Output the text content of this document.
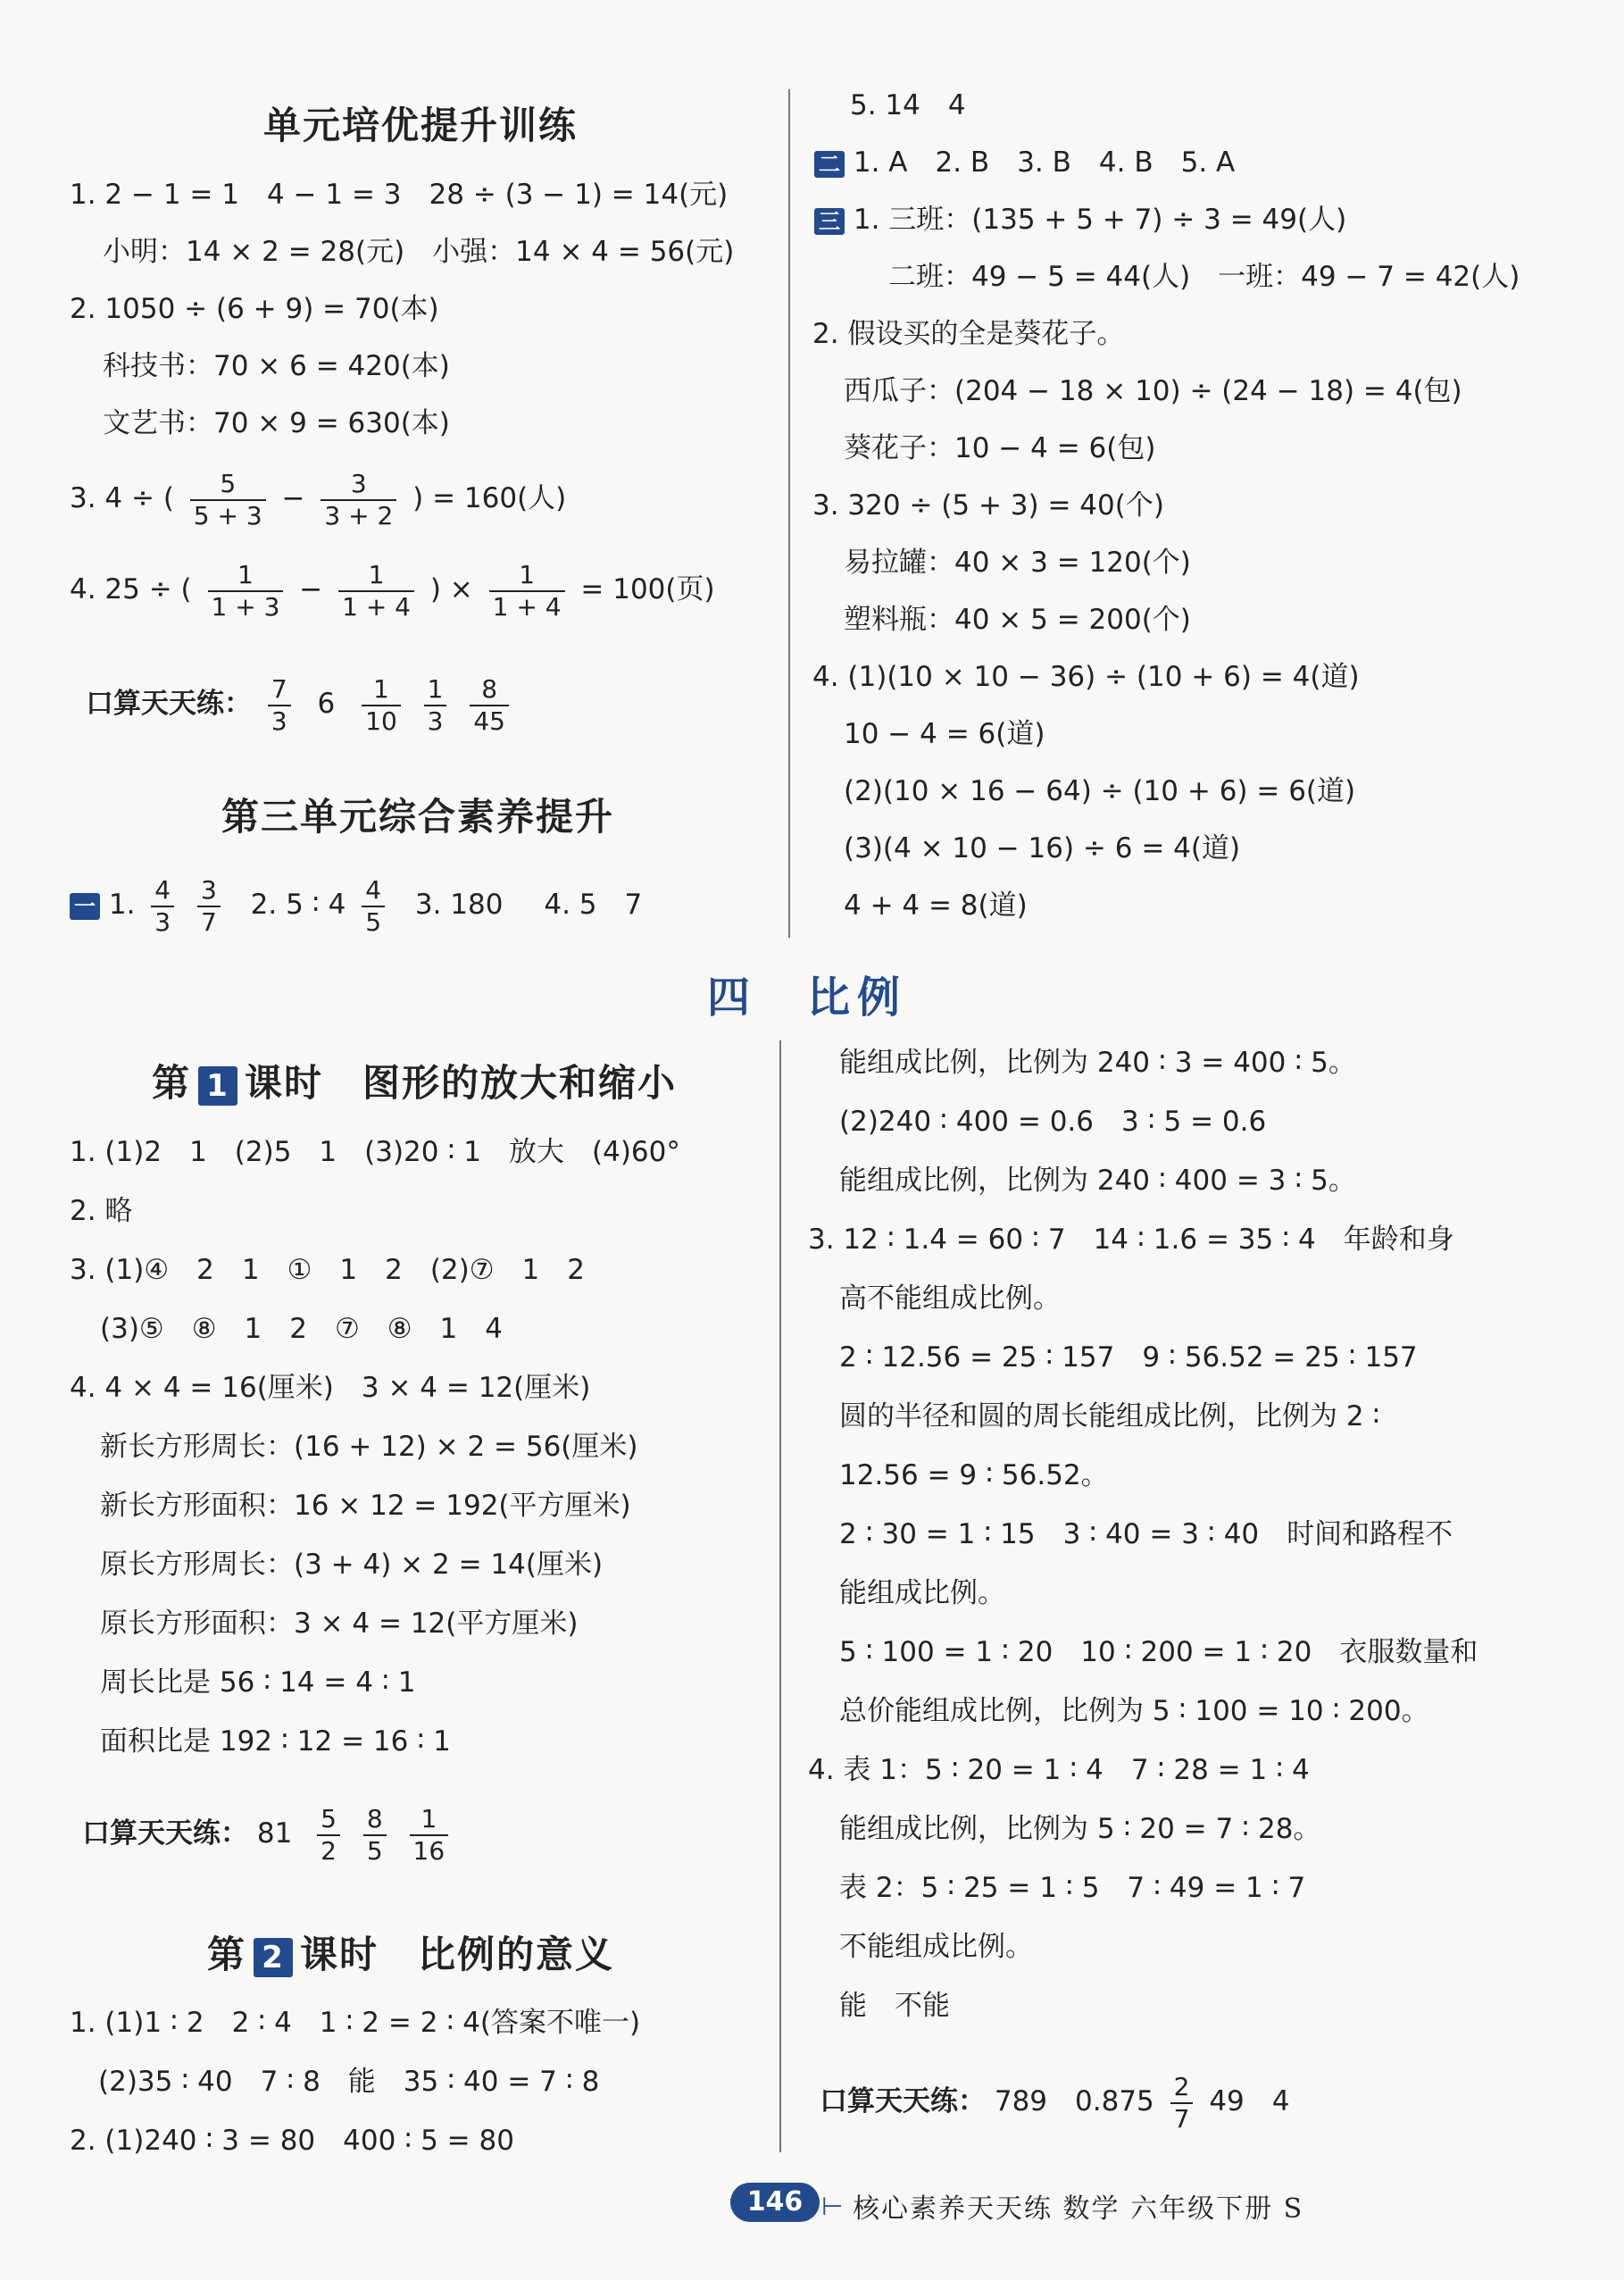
单元培优提升训练
1. 2 − 1 = 1　4 − 1 = 3　28 ÷ (3 − 1) = 14(元)
小明：14 × 2 = 28(元)　小强：14 × 4 = 56(元)
2. 1050 ÷ (6 + 9) = 70(本)
科技书：70 × 6 = 420(本)
文艺书：70 × 9 = 630(本)
3. 4 ÷ ( $\frac{5}{5 + 3} - \frac{3}{3 + 2}$ ) = 160(人)
4. 25 ÷ ( $\frac{1}{1 + 3} - \frac{1}{1 + 4}$ ) × $\frac{1}{1 + 4} = 100$(页)
口算天天练： $\frac{7}{3} 6 \frac{1}{10}$
$\frac{1}{3}$
$\frac{8}{45}$
第三单元综合素养提升
一 1. $\frac{4}{3}$
$\frac{3}{7} 2$. 5 ∶ $4 \frac{4}{5} 3$. 180 4. 5　7
5. 14　4
二 1. A　2. B　3. B　4. B　5. A
三 1. 三班：(135 + 5 + 7) ÷ 3 = 49(人)
二班：49 − 5 = 44(人)　一班：49 − 7 = 42(人)
2. 假设买的全是葵花子。
西瓜子：(204 − 18 × 10) ÷ (24 − 18) = 4(包)
葵花子：10 − 4 = 6(包)
3. 320 ÷ (5 + 3) = 40(个)
易拉罐：40 × 3 = 120(个)
塑料瓶：40 × 5 = 200(个)
4. (1)(10 × 10 − 36) ÷ (10 + 6) = 4(道)
10 − 4 = 6(道)
(2)(10 × 16 − 64) ÷ (10 + 6) = 6(道)
(3)(4 × 10 − 16) ÷ 6 = 4(道)
4 + 4 = 8(道)
四　比例
第 1 课时　图形的放大和缩小
1. (1)2　1　(2)5　1　(3)20 ∶ 1　放大　(4)60°
2. 略
3. (1)④　2　1　①　1　2　(2)⑦　1　2
(3)⑤　⑧　1　2　⑦　⑧　1　4
4. 4 × 4 = 16(厘米)　3 × 4 = 12(厘米)
新长方形周长：(16 + 12) × 2 = 56(厘米)
新长方形面积：16 × 12 = 192(平方厘米)
原长方形周长：(3 + 4) × 2 = 14(厘米)
原长方形面积：3 × 4 = 12(平方厘米)
周长比是 56 ∶ 14 = 4 ∶ 1
面积比是 192 ∶ 12 = 16 ∶ 1
口算天天练： $81 \frac{5}{2}$
$\frac{8}{5}$
$\frac{1}{16}$
第 2 课时　比例的意义
1. (1)1 ∶ 2　2 ∶ 4　1 ∶ 2 = 2 ∶ 4(答案不唯一)
(2)35 ∶ 40　7 ∶ 8　能　35 ∶ 40 = 7 ∶ 8
2. (1)240 ∶ 3 = 80　400 ∶ 5 = 80
能组成比例，比例为 240 ∶ 3 = 400 ∶ 5。
(2)240 ∶ 400 = 0.6　3 ∶ 5 = 0.6
能组成比例，比例为 240 ∶ 400 = 3 ∶ 5。
3. 12 ∶ 1.4 = 60 ∶ 7　14 ∶ 1.6 = 35 ∶ 4　年龄和身
高不能组成比例。
2 ∶ 12.56 = 25 ∶ 157　9 ∶ 56.52 = 25 ∶ 157
圆的半径和圆的周长能组成比例，比例为 2 ∶
12.56 = 9 ∶ 56.52。
2 ∶ 30 = 1 ∶ 15　3 ∶ 40 = 3 ∶ 40　时间和路程不
能组成比例。
5 ∶ 100 = 1 ∶ 20　10 ∶ 200 = 1 ∶ 20　衣服数量和
总价能组成比例，比例为 5 ∶ 100 = 10 ∶ 200。
4. 表 1：5 ∶ 20 = 1 ∶ 4　7 ∶ 28 = 1 ∶ 4
能组成比例，比例为 5 ∶ 20 = 7 ∶ 28。
表 2：5 ∶ 25 = 1 ∶ 5　7 ∶ 49 = 1 ∶ 7
不能组成比例。
能　不能
口算天天练： 789　$0.875 \frac{2}{7} 49$　4
146 ⊢ 核心素养天天练 数学 六年级下册 S
